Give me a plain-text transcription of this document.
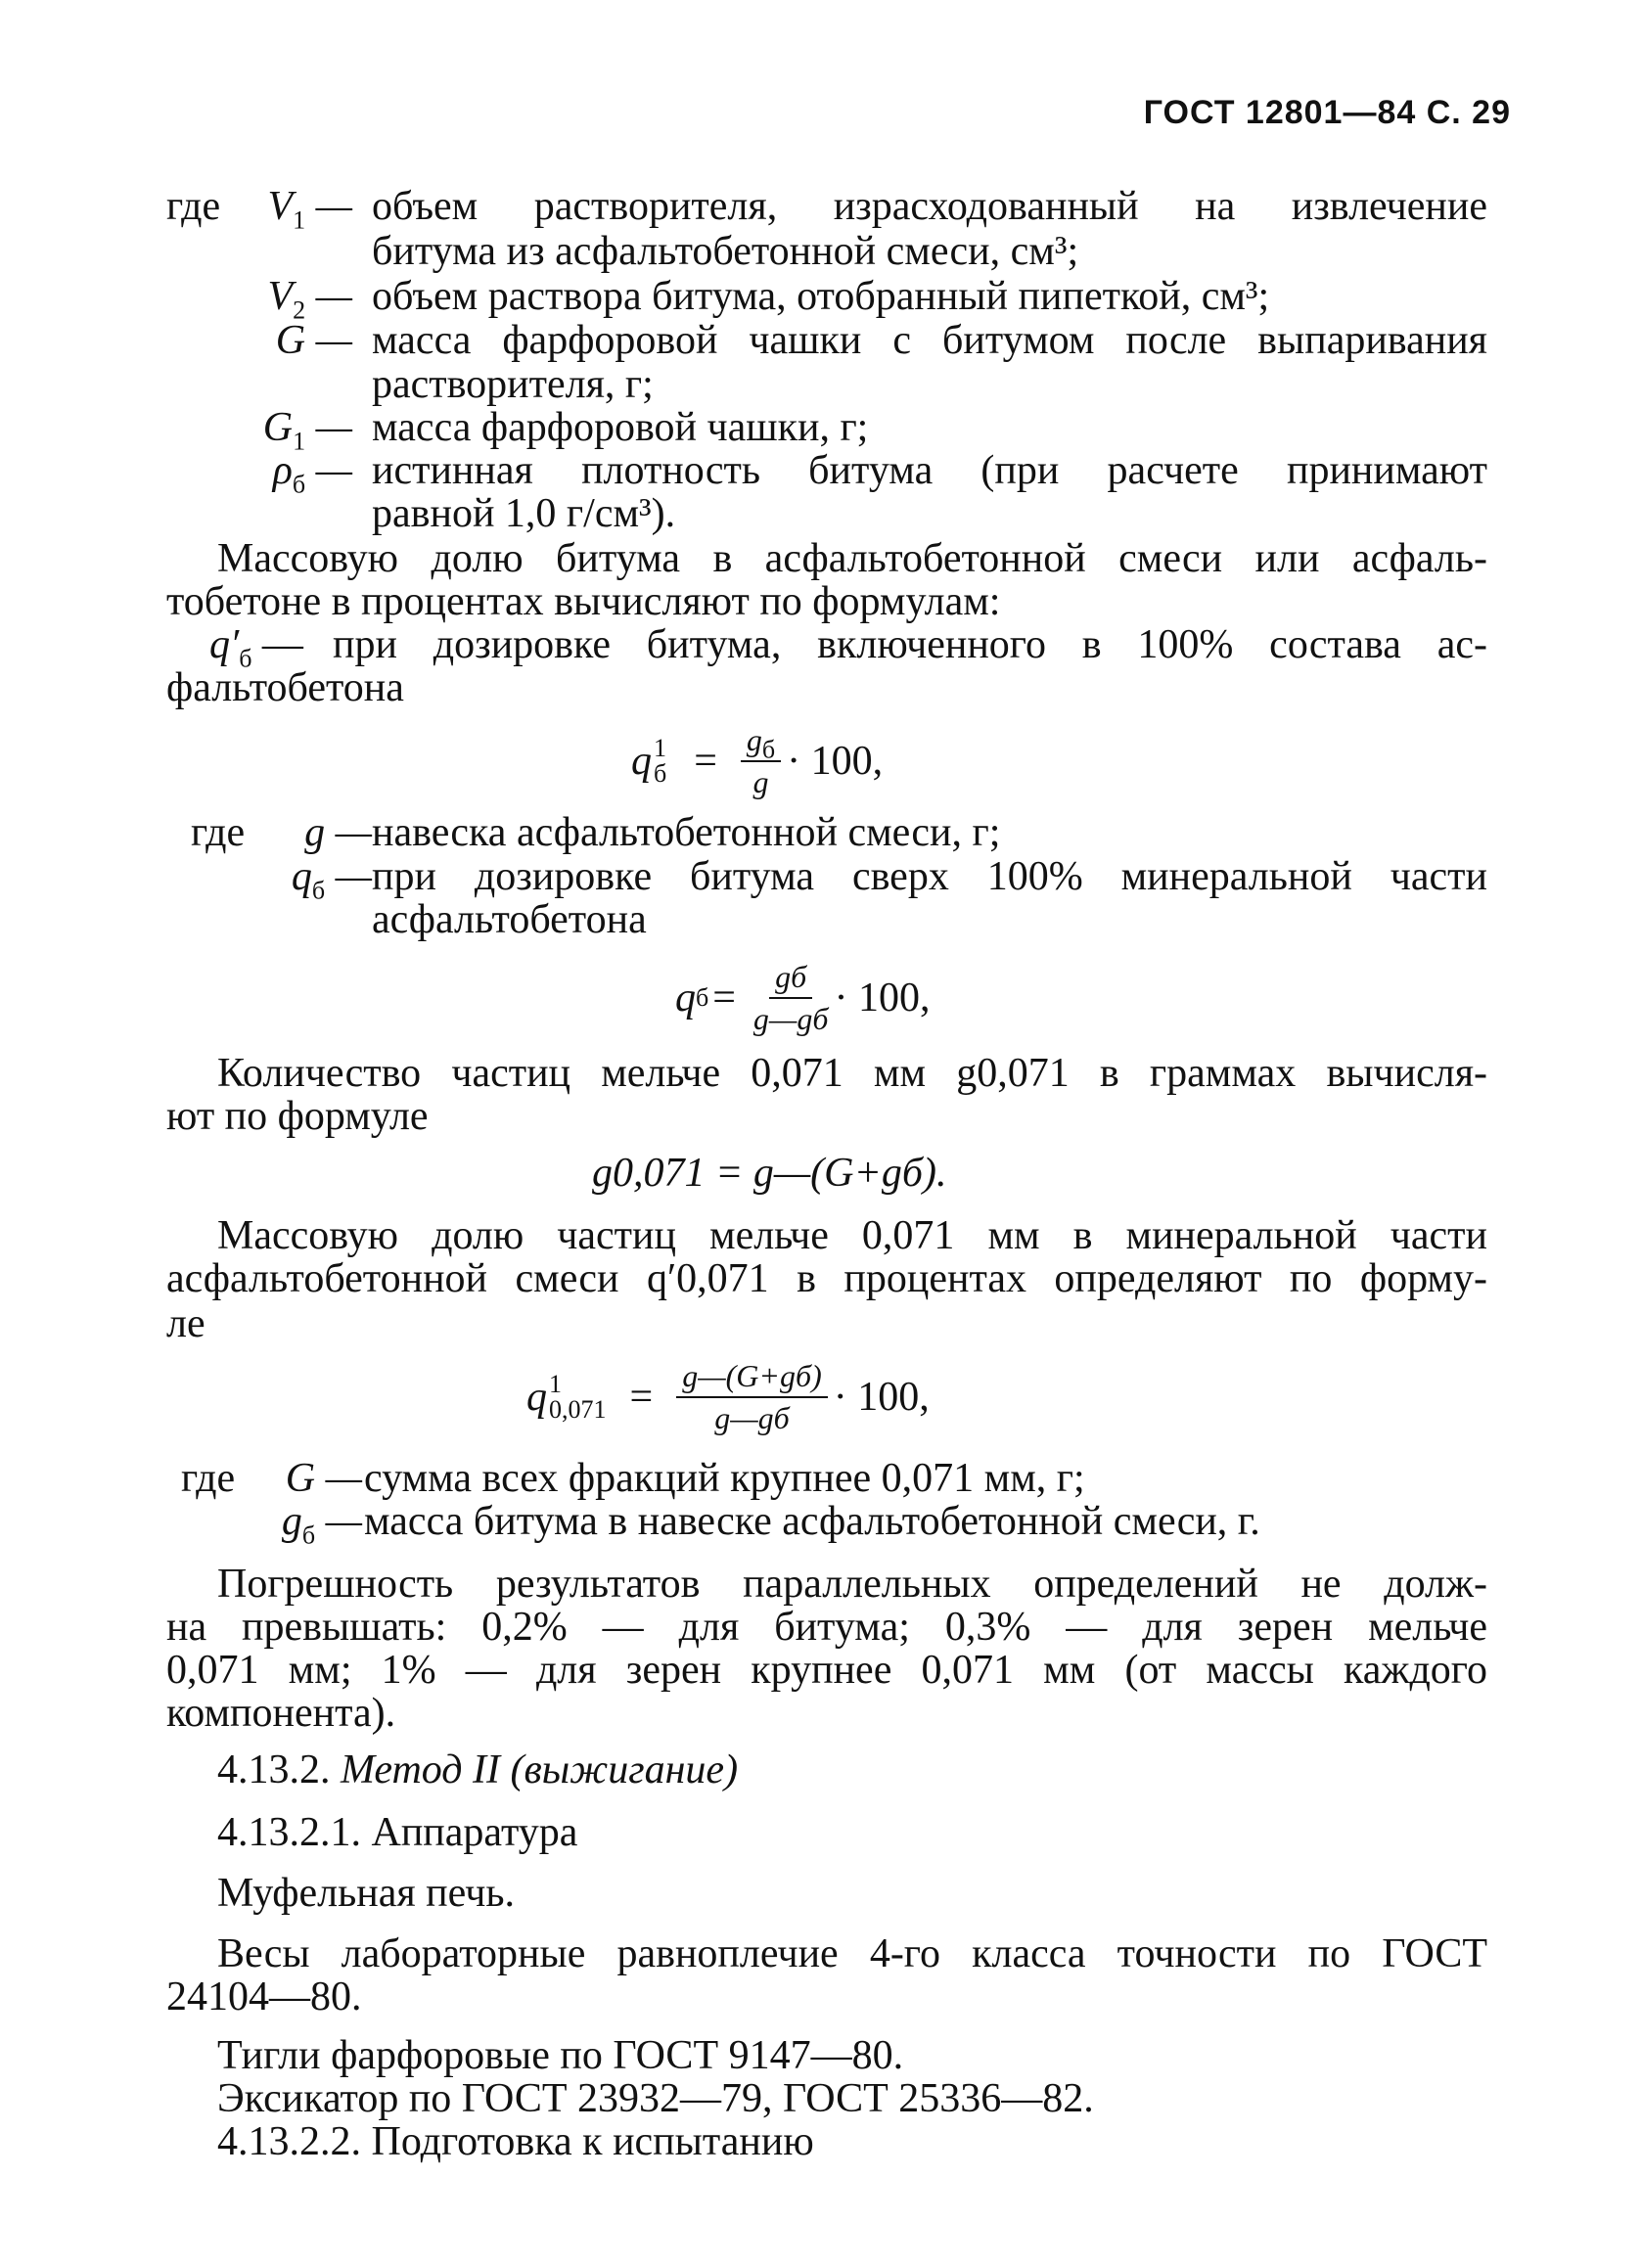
ГОСТ 12801—84 С. 29
где	$V_1$ — объем растворителя, израсходованный на извлечение
битума из асфальтобетонной смеси, см³;
$V_2$ — объем раствора битума, отобранный пипеткой, см³;
G — масса фарфоровой чашки с битумом после выпаривания
растворителя, г;
$G_1$ — масса фарфоровой чашки, г;
$\rho_б$ — истинная плотность битума (при расчете принимают
равной 1,0 г/см³).
Массовую долю битума в асфальтобетонной смеси или асфаль-
тобетоне в процентах вычисляют по формулам:
$q'_б$ — при дозировке битума, включенного в 100% состава ас-
фальтобетона
q 1
$б = \frac{g_б}{g} \cdot 100$,
где	g — навеска асфальтобетонной смеси, г;
$q_б$ — при дозировке битума сверх 100% минеральной части
асфальтобетона
q $б = \frac{gб}{g—gб} \cdot 100$,
Количество частиц мельче 0,071 мм g0,071 в граммах вычисля-
ют по формуле
g0,071 = g—(G+gб).
Массовую долю частиц мельче 0,071 мм в минеральной части
асфальтобетонной смеси q′0,071 в процентах определяют по форму-
ле
q 1
$0,071 = \frac{g—(G+gб)}{g—gб} \cdot 100$,
где	G — сумма всех фракций крупнее 0,071 мм, г;
$g_б$ — масса битума в навеске асфальтобетонной смеси, г.
Погрешность результатов параллельных определений не долж-
на превышать: 0,2% — для битума; 0,3% — для зерен мельче
0,071 мм; 1% — для зерен крупнее 0,071 мм (от массы каждого
компонента).
4.13.2. Метод II (выжигание)
4.13.2.1. Аппаратура
Муфельная печь.
Весы лабораторные равноплечие 4-го класса точности по ГОСТ
24104—80.
Тигли фарфоровые по ГОСТ 9147—80.
Эксикатор по ГОСТ 23932—79, ГОСТ 25336—82.
4.13.2.2. Подготовка к испытанию
